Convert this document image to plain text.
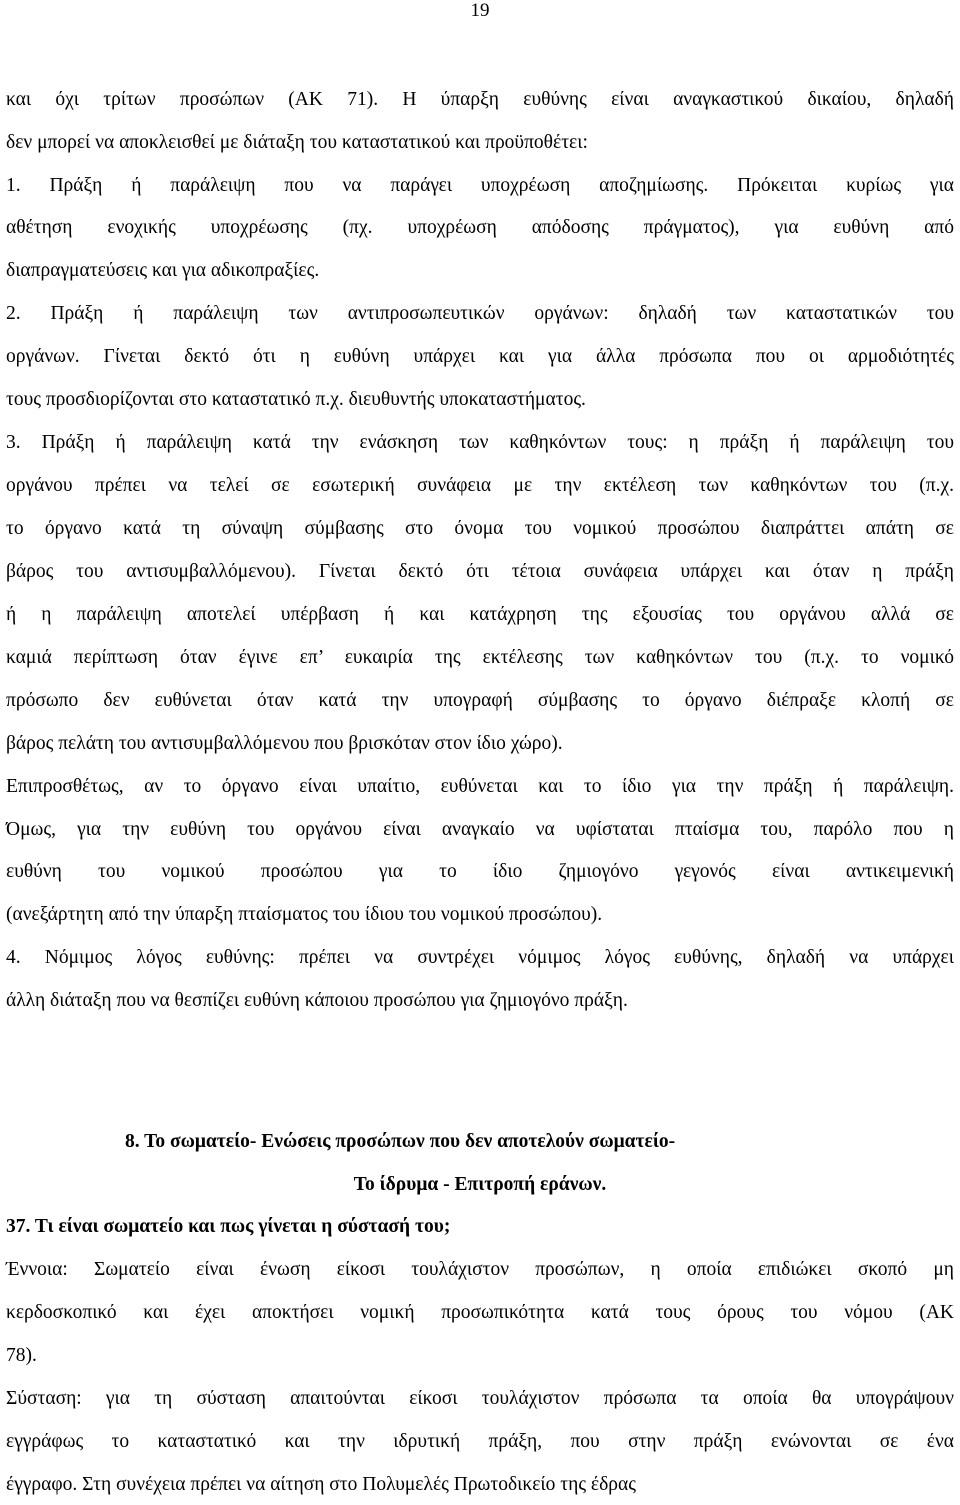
19
και όχι τρίτων προσώπων (ΑΚ 71). Η ύπαρξη ευθύνης είναι αναγκαστικού δικαίου, δηλαδή
δεν μπορεί να αποκλεισθεί με διάταξη του καταστατικού και προϋποθέτει:
1. Πράξη ή παράλειψη που να παράγει υποχρέωση αποζημίωσης. Πρόκειται κυρίως για
αθέτηση ενοχικής υποχρέωσης (πχ. υποχρέωση απόδοσης πράγματος), για ευθύνη από
διαπραγματεύσεις και για αδικοπραξίες.
2. Πράξη ή παράλειψη των αντιπροσωπευτικών οργάνων: δηλαδή των καταστατικών του
οργάνων. Γίνεται δεκτό ότι η ευθύνη υπάρχει και για άλλα πρόσωπα που οι αρμοδιότητές
τους προσδιορίζονται στο καταστατικό π.χ. διευθυντής υποκαταστήματος.
3. Πράξη ή παράλειψη κατά την ενάσκηση των καθηκόντων τους: η πράξη ή παράλειψη του
οργάνου πρέπει να τελεί σε εσωτερική συνάφεια με την εκτέλεση των καθηκόντων του (π.χ.
το όργανο κατά τη σύναψη σύμβασης στο όνομα του νομικού προσώπου διαπράττει απάτη σε
βάρος του αντισυμβαλλόμενου). Γίνεται δεκτό ότι τέτοια συνάφεια υπάρχει και όταν η πράξη
ή η παράλειψη αποτελεί υπέρβαση ή και κατάχρηση της εξουσίας του οργάνου αλλά σε
καμιά περίπτωση όταν έγινε επ’ ευκαιρία της εκτέλεσης των καθηκόντων του (π.χ. το νομικό
πρόσωπο δεν ευθύνεται όταν κατά την υπογραφή σύμβασης το όργανο διέπραξε κλοπή σε
βάρος πελάτη του αντισυμβαλλόμενου που βρισκόταν στον ίδιο χώρο).
Επιπροσθέτως, αν το όργανο είναι υπαίτιο, ευθύνεται και το ίδιο για την πράξη ή παράλειψη.
Όμως, για την ευθύνη του οργάνου είναι αναγκαίο να υφίσταται πταίσμα του, παρόλο που η
ευθύνη του νομικού προσώπου για το ίδιο ζημιογόνο γεγονός είναι αντικειμενική
(ανεξάρτητη από την ύπαρξη πταίσματος του ίδιου του νομικού προσώπου).
4. Νόμιμος λόγος ευθύνης: πρέπει να συντρέχει νόμιμος λόγος ευθύνης, δηλαδή να υπάρχει
άλλη διάταξη που να θεσπίζει ευθύνη κάποιου προσώπου για ζημιογόνο πράξη.
8. Το σωματείο- Ενώσεις προσώπων που δεν αποτελούν σωματείο-
Το ίδρυμα - Επιτροπή εράνων.
37. Τι είναι σωματείο και πως γίνεται η σύστασή του;
Έννοια: Σωματείο είναι ένωση είκοσι τουλάχιστον προσώπων, η οποία επιδιώκει σκοπό μη
κερδοσκοπικό και έχει αποκτήσει νομική προσωπικότητα κατά τους όρους του νόμου (ΑΚ
78).
Σύσταση: για τη σύσταση απαιτούνται είκοσι τουλάχιστον πρόσωπα τα οποία θα υπογράψουν
εγγράφως το καταστατικό και την ιδρυτική πράξη, που στην πράξη ενώνονται σε ένα
έγγραφο. Στη συνέχεια πρέπει να αίτηση στο Πολυμελές Πρωτοδικείο της έδρας
